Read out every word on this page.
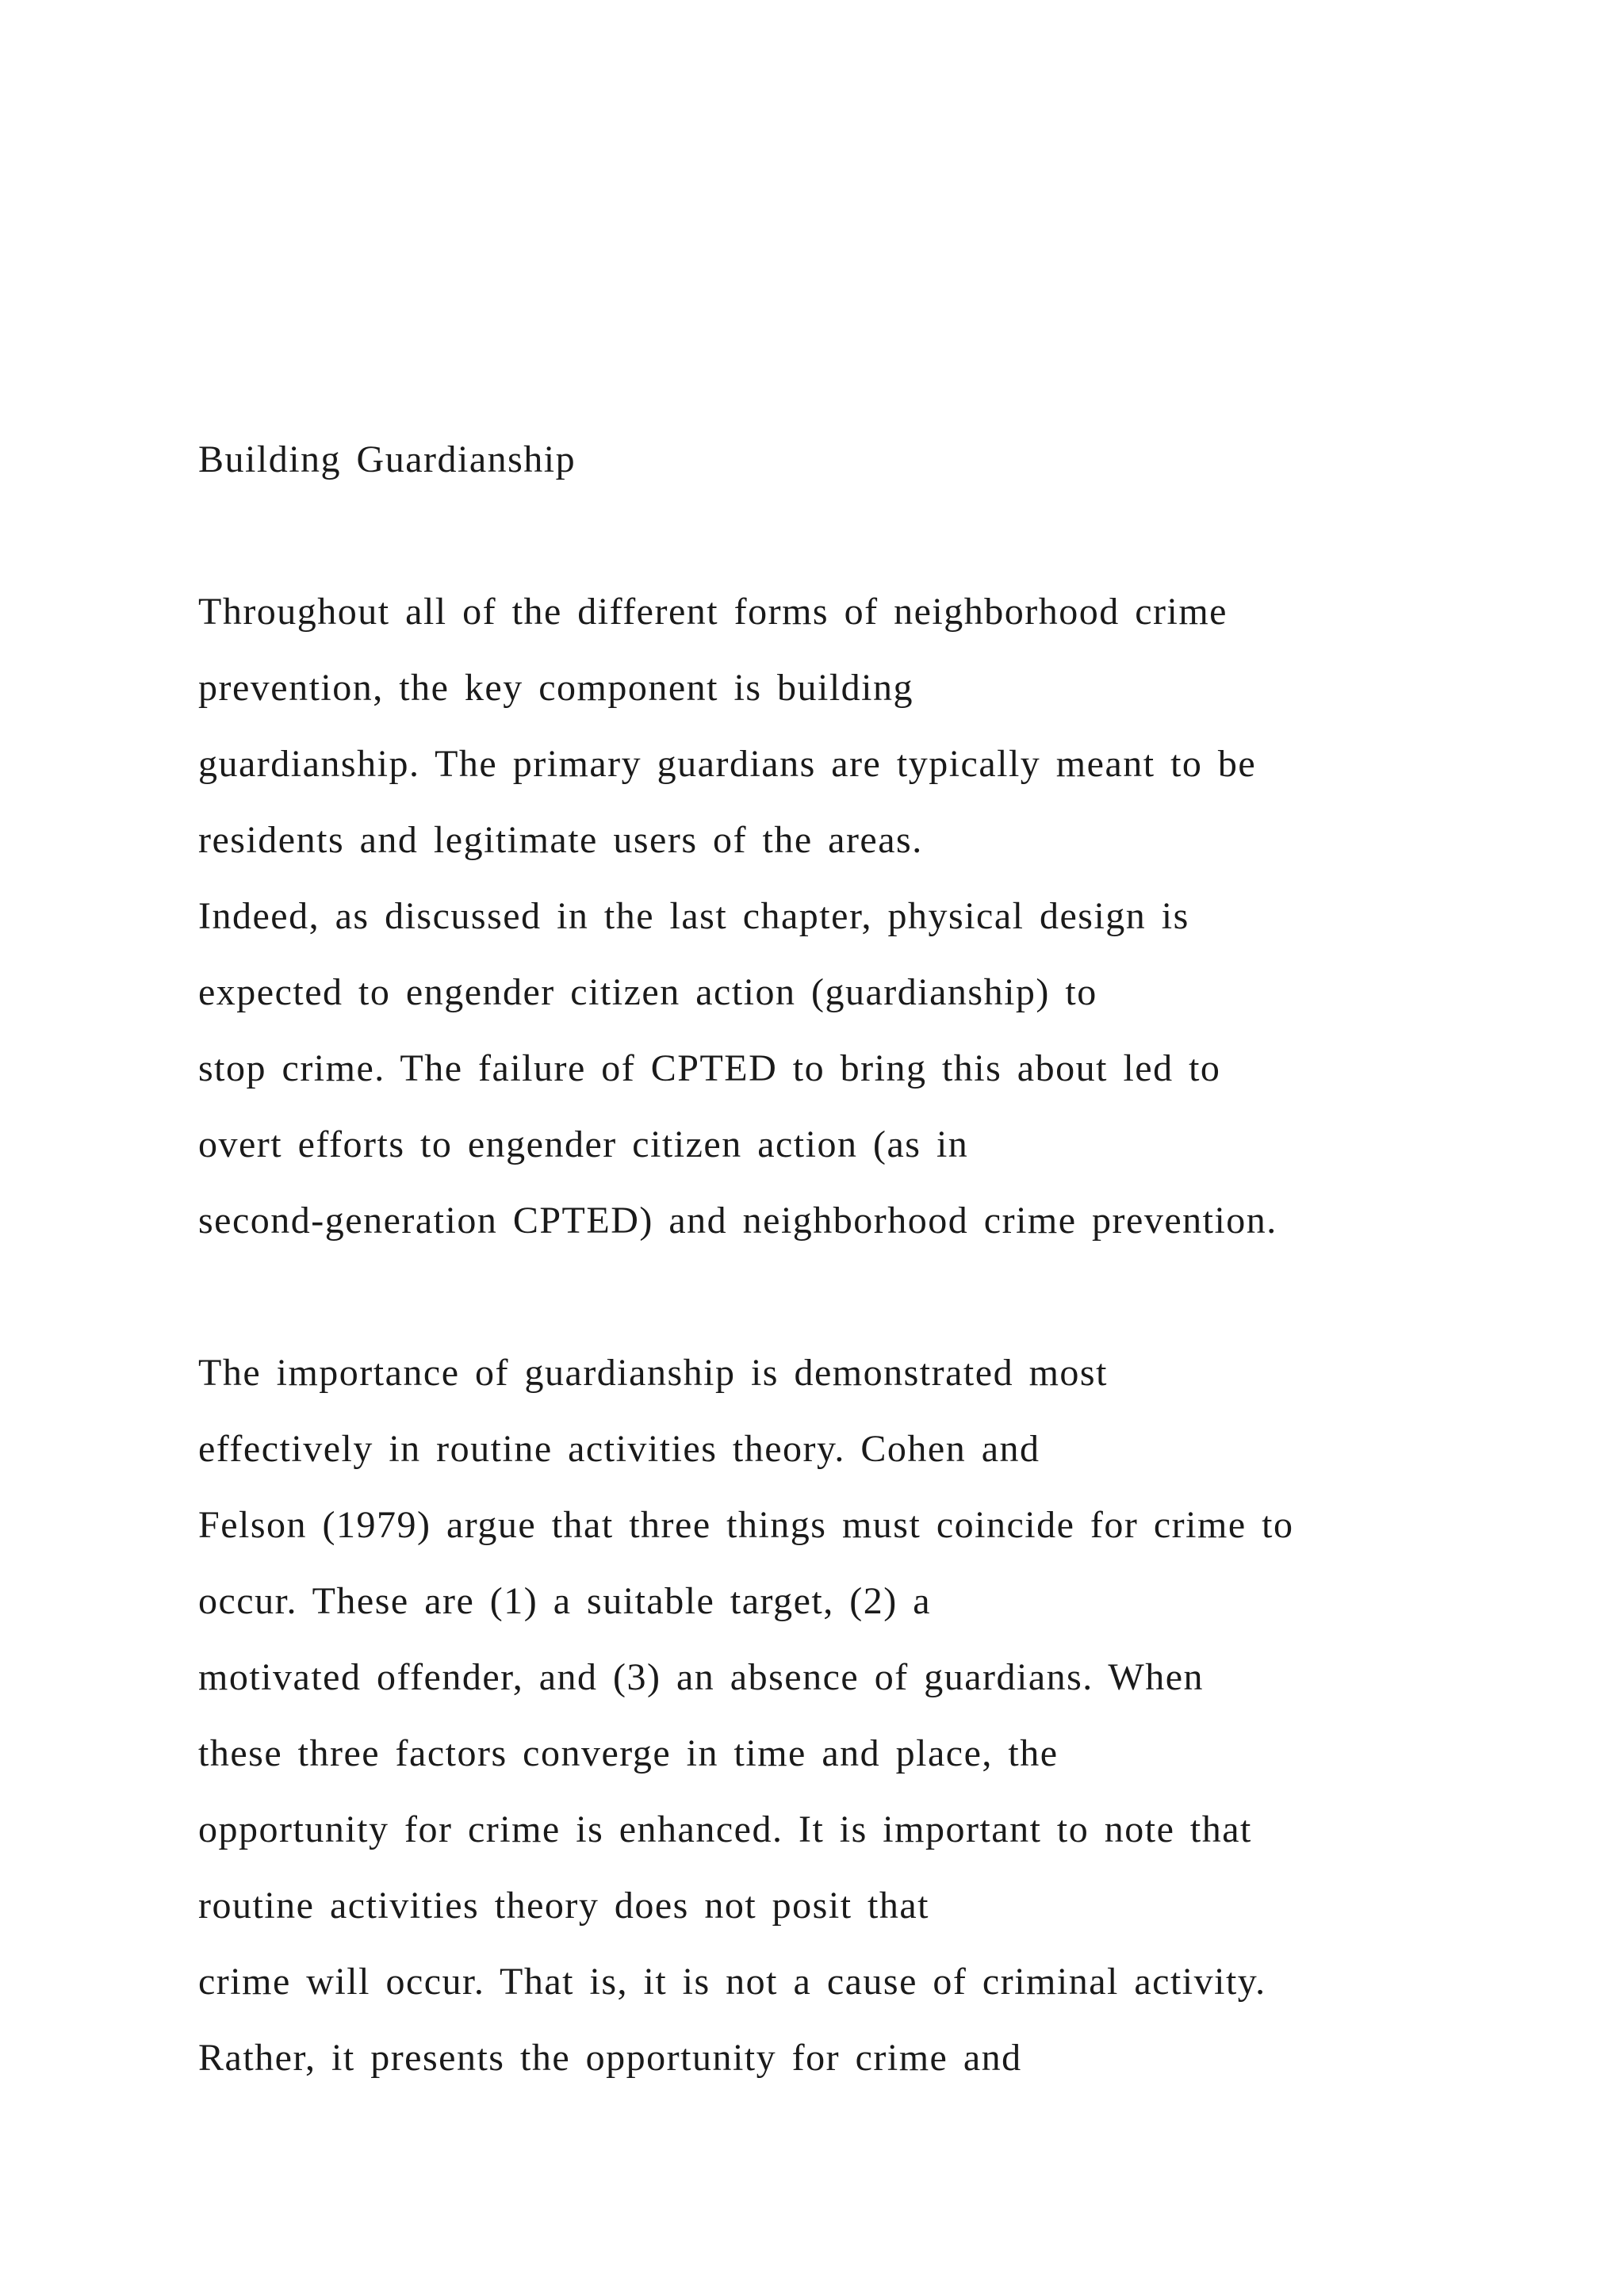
Building Guardianship
Throughout all of the different forms of neighborhood crime
prevention, the key component is building
guardianship. The primary guardians are typically meant to be
residents and legitimate users of the areas.
Indeed, as discussed in the last chapter, physical design is
expected to engender citizen action (guardianship) to
stop crime. The failure of CPTED to bring this about led to
overt efforts to engender citizen action (as in
second-generation CPTED) and neighborhood crime prevention.
The importance of guardianship is demonstrated most
effectively in routine activities theory. Cohen and
Felson (1979) argue that three things must coincide for crime to
occur. These are (1) a suitable target, (2) a
motivated offender, and (3) an absence of guardians. When
these three factors converge in time and place, the
opportunity for crime is enhanced. It is important to note that
routine activities theory does not posit that
crime will occur. That is, it is not a cause of criminal activity.
Rather, it presents the opportunity for crime and
